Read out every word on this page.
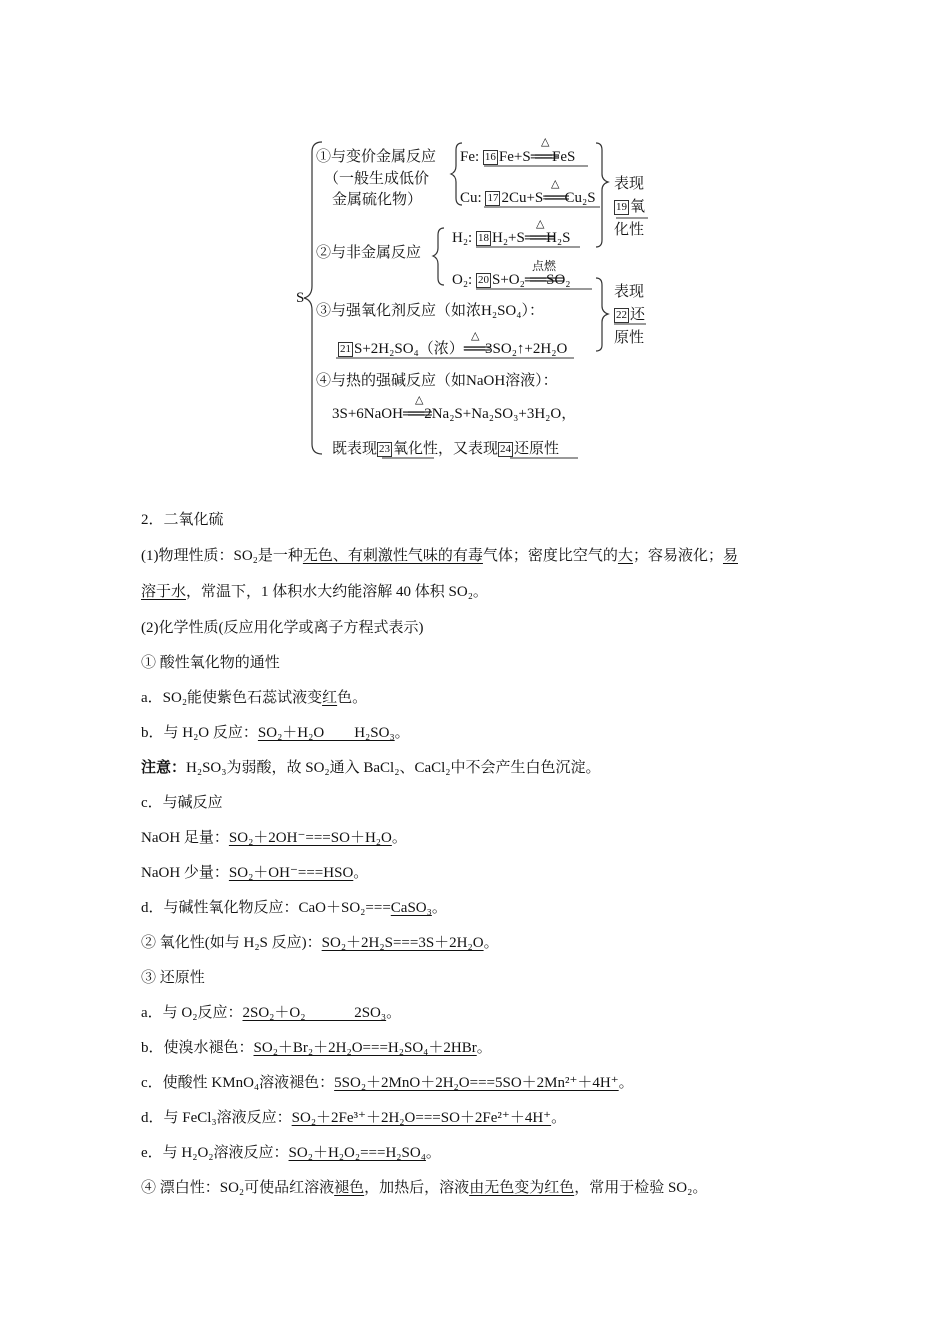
S
①与变价金属反应
（一般生成低价
金属硫化物）
Fe: 16 Fe+S══FeS
△
Cu: 17 2Cu+S══Cu₂S
△	表现
19 氧
化性
②与非金属反应
H₂: 18 H₂+S══H₂S
△
O₂: 20 S+O₂══SO₂
点燃
表现
22 还
原性
③与强氧化剂反应（如浓H₂SO₄）：
21 S+2H₂SO₄（浓）══3SO₂↑+2H₂O
△
④与热的强碱反应（如NaOH溶液）：
3S+6NaOH══2Na₂S+Na₂SO₃+3H₂O，
△
既表现 23 氧化性，又表现 24 还原性
2．二氧化硫
(1)物理性质：SO₂是一种无色、有刺激性气味的有毒气体；密度比空气的大；容易液化；易
溶于水，常温下，1 体积水大约能溶解 40 体积 SO₂。
(2)化学性质(反应用化学或离子方程式表示)
① 酸性氧化物的通性
a．SO₂能使紫色石蕊试液变红色。
b．与 H₂O 反应：SO₂＋H₂O        H₂SO₃。
注意：H₂SO₃为弱酸，故 SO₂通入 BaCl₂、CaCl₂中不会产生白色沉淀。
c．与碱反应
NaOH 足量：SO₂＋2OH⁻===SO＋H₂O。
NaOH 少量：SO₂＋OH⁻===HSO。
d．与碱性氧化物反应：CaO＋SO₂===CaSO₃。
② 氧化性(如与 H₂S 反应)：SO₂＋2H₂S===3S＋2H₂O。
③ 还原性
a．与 O₂反应：2SO₂＋O₂             2SO₃。
b．使溴水褪色：SO₂＋Br₂＋2H₂O===H₂SO₄＋2HBr。
c．使酸性 KMnO₄溶液褪色：5SO₂＋2MnO＋2H₂O===5SO＋2Mn²⁺＋4H⁺。
d．与 FeCl₃溶液反应：SO₂＋2Fe³⁺＋2H₂O===SO＋2Fe²⁺＋4H⁺。
e．与 H₂O₂溶液反应：SO₂＋H₂O₂===H₂SO₄。
④ 漂白性：SO₂可使品红溶液褪色，加热后，溶液由无色变为红色，常用于检验 SO₂。
